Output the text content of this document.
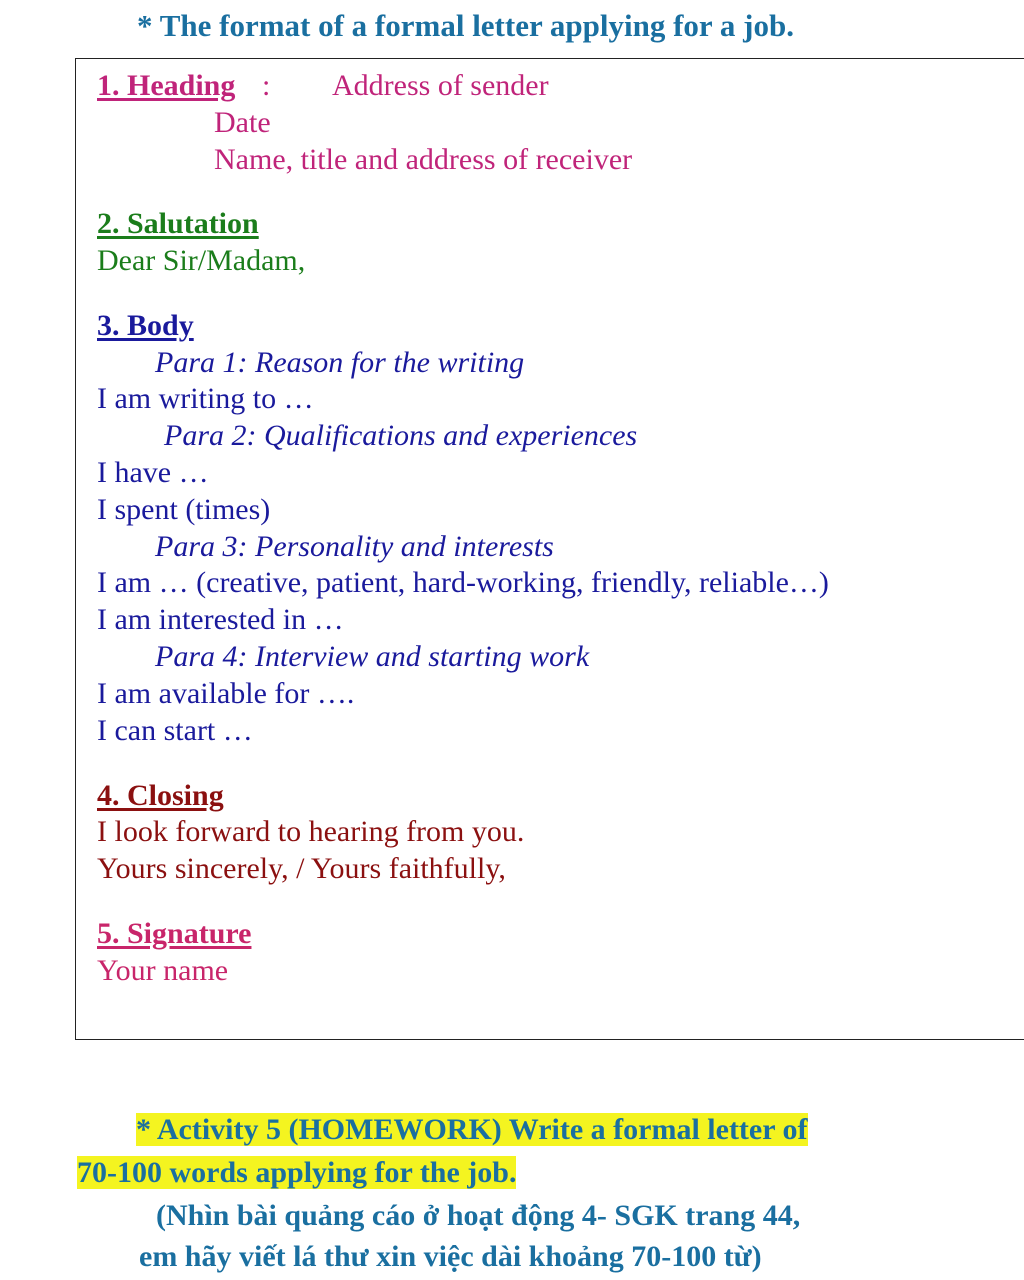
* The format of a formal letter applying for a job.
1. Heading : Address of sender
Date
Name, title and address of receiver
2. Salutation
Dear Sir/Madam,
3. Body
Para 1: Reason for the writing
I am writing to …
Para 2: Qualifications and experiences
I have …
I spent (times)
Para 3: Personality and interests
I am … (creative, patient, hard-working, friendly, reliable…)
I am interested in …
Para 4: Interview and starting work
I am available for ….
I can start …
4. Closing
I look forward to hearing from you.
Yours sincerely, / Yours faithfully,
5. Signature
Your name
* Activity 5 (HOMEWORK) Write a formal letter of
70-100 words applying for the job.
(Nhìn bài quảng cáo ở hoạt động 4- SGK trang 44,
em hãy viết lá thư xin việc dài khoảng 70-100 từ)
